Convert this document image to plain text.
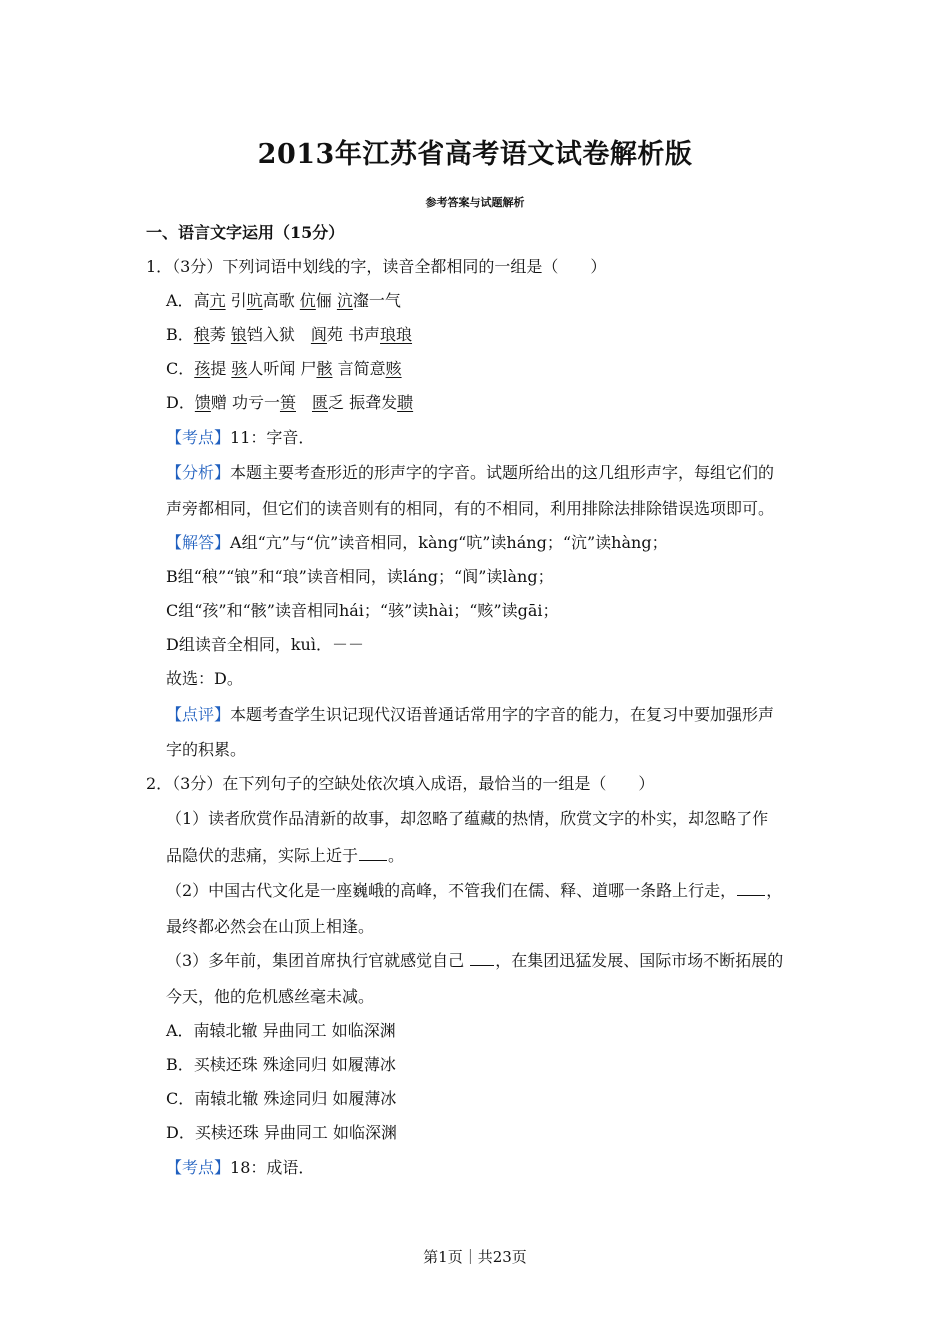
2013年江苏省高考语文试卷解析版
参考答案与试题解析
一、语言文字运用（15分）
1．（3分）下列词语中划线的字，读音全都相同的一组是（　　）
A．高亢 引吭高歌 伉俪 沆瀣一气
B．稂莠 锒铛入狱　阆苑 书声琅琅
C．孩提 骇人听闻 尸骸 言简意赅
D．馈赠 功亏一篑　 匮乏 振聋发聩
【考点】11：字音．
【分析】本题主要考查形近的形声字的字音。试题所给出的这几组形声字，每组它们的
声旁都相同，但它们的读音则有的相同，有的不相同，利用排除法排除错误选项即可。
【解答】A组“亢”与“伉”读音相同，kàng“吭”读háng；“沆”读hàng；
B组“稂”“锒”和“琅”读音相同，读láng；“阆”读làng；
C组“孩”和“骸”读音相同hái；“骇”读hài；“赅”读gāi；
D组读音全相同，kuì．－－
故选：D。
【点评】本题考查学生识记现代汉语普通话常用字的字音的能力，在复习中要加强形声
字的积累。
2．（3分）在下列句子的空缺处依次填入成语，最恰当的一组是（　　）
（1）读者欣赏作品清新的故事，却忽略了蕴藏的热情，欣赏文字的朴实，却忽略了作
品隐伏的悲痛，实际上近于 。
（2）中国古代文化是一座巍峨的高峰，不管我们在儒、释、道哪一条路上行走， ，
最终都必然会在山顶上相逢。
（3）多年前，集团首席执行官就感觉自己 ，在集团迅猛发展、国际市场不断拓展的
今天，他的危机感丝毫未减。
A．南辕北辙 异曲同工 如临深渊
B．买椟还珠 殊途同归 如履薄冰
C．南辕北辙 殊途同归 如履薄冰
D．买椟还珠 异曲同工 如临深渊
【考点】18：成语．
第1页｜共23页
